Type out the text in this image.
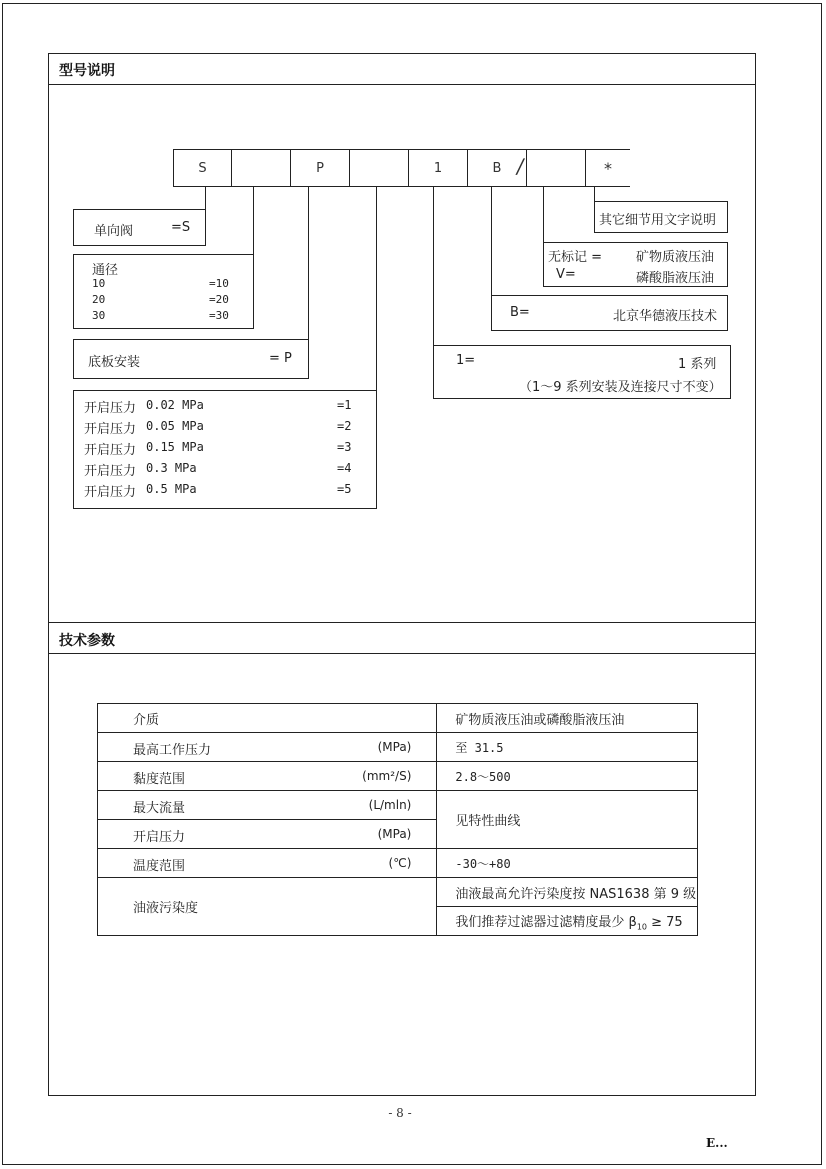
型号说明
S	P	1	B	*
/
单向阀	=S
通径
10	=10
20	=20
30	=30
底板安装	= P
开启压力 0.02 MPa	=1
开启压力 0.05 MPa	=2
开启压力 0.15 MPa	=3
开启压力 0.3 MPa	=4
开启压力 0.5 MPa	=5
其它细节用文字说明
无标记 =	矿物质液压油
V=	磷酸脂液压油
B=	北京华德液压技术
1=	1 系列
（1～9 系列安装及连接尺寸不变）
技术参数
介质	矿物质液压油或磷酸脂液压油

最高工作压力 (MPa)	至 31.5

黏度范围 (mm²/S)	2.8～500

最大流量 (L/mln)	见特性曲线

开启压力 (MPa)	

温度范围 (℃)	-30～+80
油液污染度	油液最高允许污染度按 NAS1638 第 9 级
	我们推荐过滤器过滤精度最少 $\beta_{10} \ge 75$
- 8 -
E...
